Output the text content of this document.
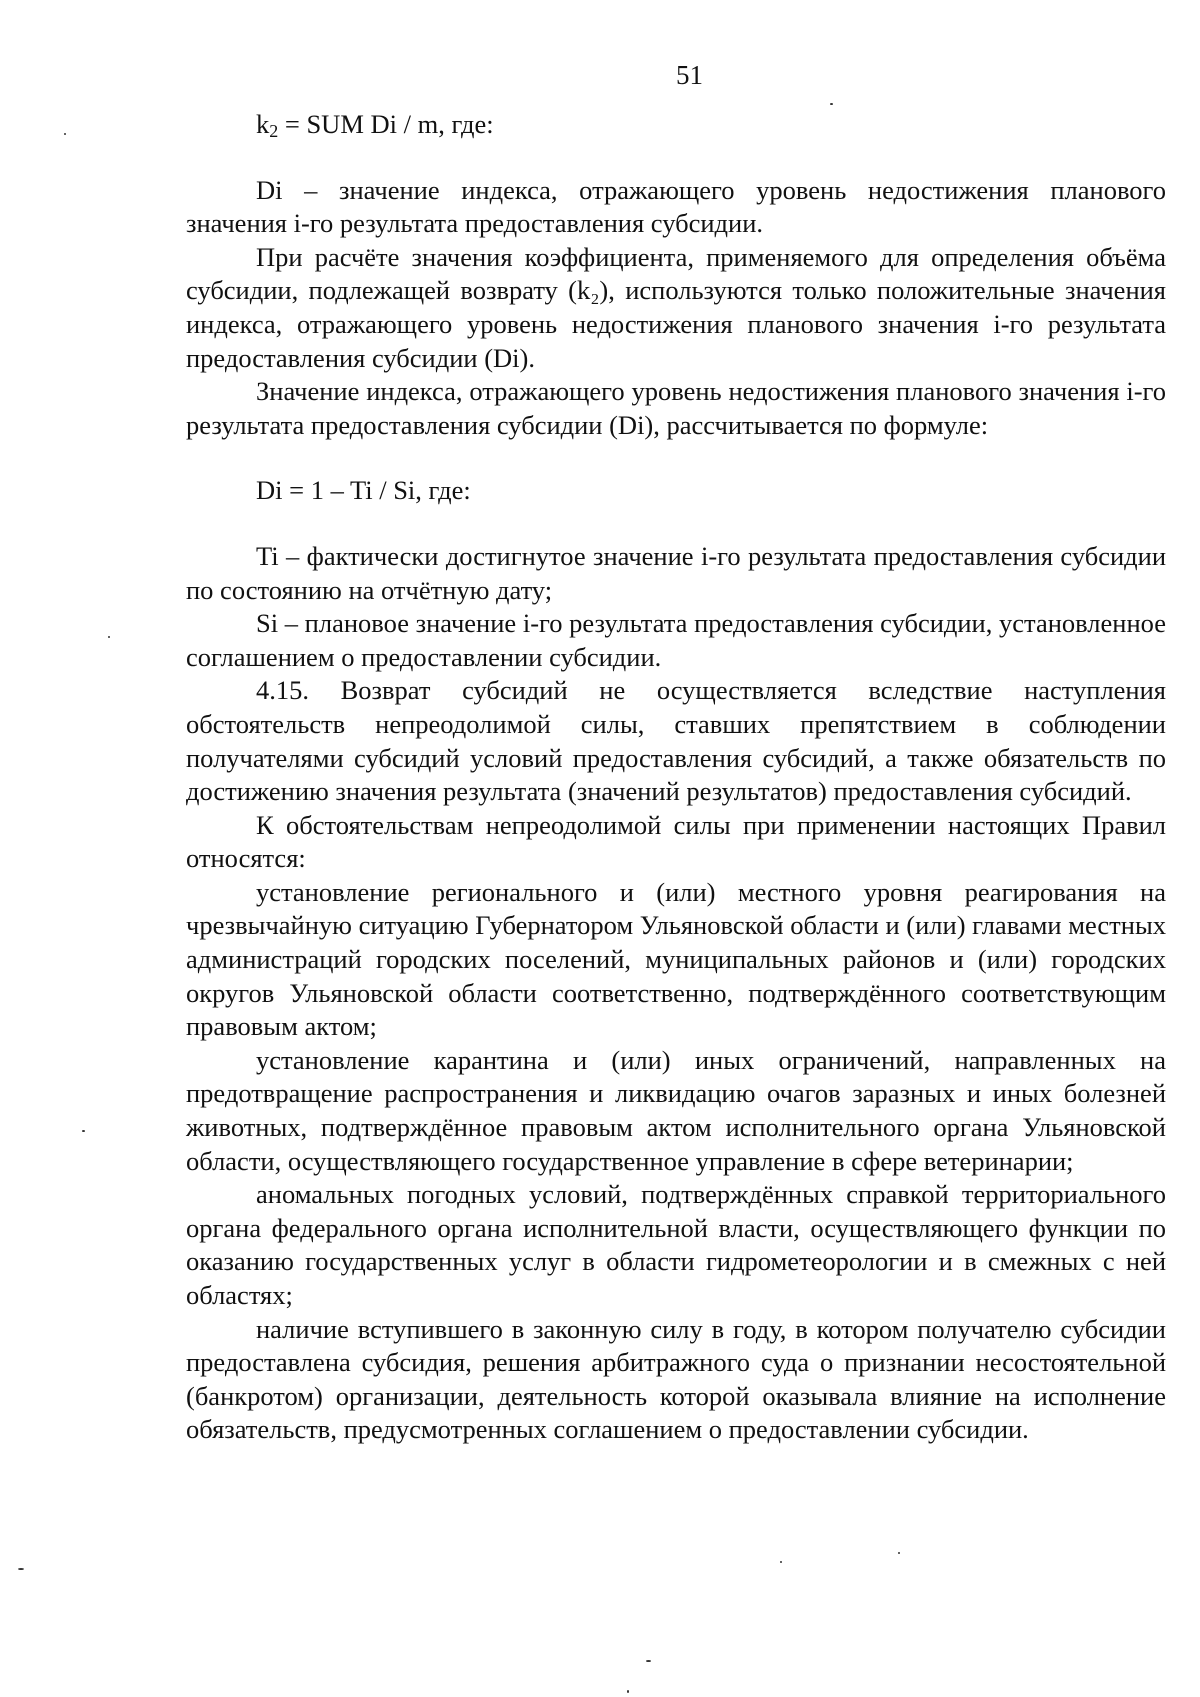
51

$k_2$ = SUM Di / m, где:

Di – значение индекса, отражающего уровень недостижения планового значения i-го результата предоставления субсидии.

При расчёте значения коэффициента, применяемого для определения объёма субсидии, подлежащей возврату (k₂), используются только положительные значения индекса, отражающего уровень недостижения планового значения i-го результата предоставления субсидии (Di).

Значение индекса, отражающего уровень недостижения планового значения i-го результата предоставления субсидии (Di), рассчитывается по формуле:

Di = 1 – Ti / Si, где:

Ti – фактически достигнутое значение i-го результата предоставления субсидии по состоянию на отчётную дату;

Si – плановое значение i-го результата предоставления субсидии, установленное соглашением о предоставлении субсидии.

4.15. Возврат субсидий не осуществляется вследствие наступления обстоятельств непреодолимой силы, ставших препятствием в соблюдении получателями субсидий условий предоставления субсидий, а также обязательств по достижению значения результата (значений результатов) предоставления субсидий.

К обстоятельствам непреодолимой силы при применении настоящих Правил относятся:

установление регионального и (или) местного уровня реагирования на чрезвычайную ситуацию Губернатором Ульяновской области и (или) главами местных администраций городских поселений, муниципальных районов и (или) городских округов Ульяновской области соответственно, подтверждённого соответствующим правовым актом;

установление карантина и (или) иных ограничений, направленных на предотвращение распространения и ликвидацию очагов заразных и иных болезней животных, подтверждённое правовым актом исполнительного органа Ульяновской области, осуществляющего государственное управление в сфере ветеринарии;

аномальных погодных условий, подтверждённых справкой территориального органа федерального органа исполнительной власти, осуществляющего функции по оказанию государственных услуг в области гидрометеорологии и в смежных с ней областях;

наличие вступившего в законную силу в году, в котором получателю субсидии предоставлена субсидия, решения арбитражного суда о признании несостоятельной (банкротом) организации, деятельность которой оказывала влияние на исполнение обязательств, предусмотренных соглашением о предоставлении субсидии.
